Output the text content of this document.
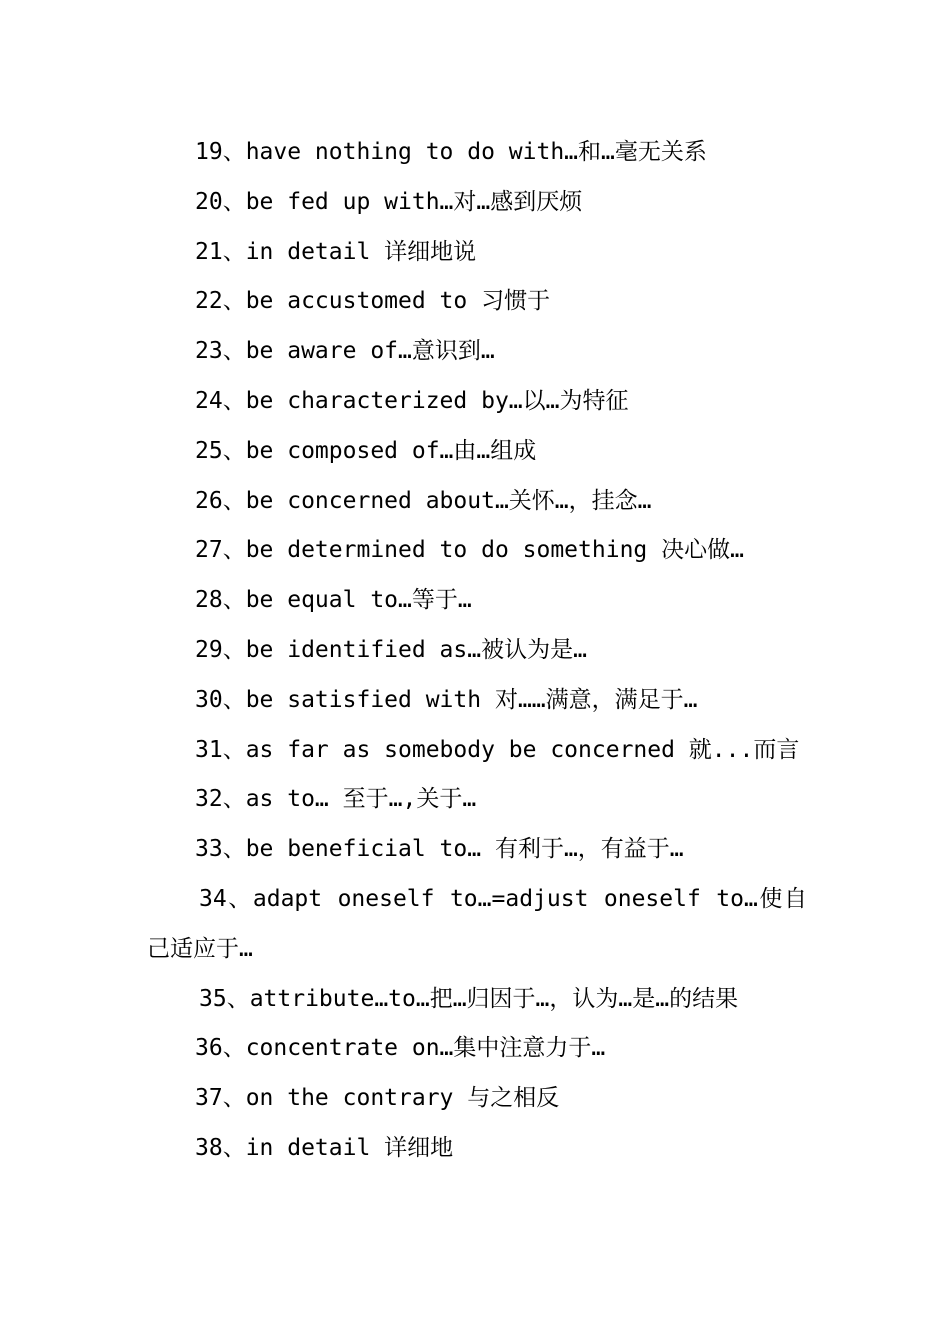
19、have nothing to do with…和…毫无关系
20、be fed up with…对…感到厌烦
21、in detail 详细地说
22、be accustomed to 习惯于
23、be aware of…意识到…
24、be characterized by…以…为特征
25、be composed of…由…组成
26、be concerned about…关怀…，挂念…
27、be determined to do something 决心做…
28、be equal to…等于…
29、be identified as…被认为是…
30、be satisfied with 对……满意，满足于…
31、as far as somebody be concerned 就...而言
32、as to… 至于…,关于…
33、be beneficial to… 有利于…，有益于…
34、adapt oneself to…=adjust oneself to…使自己适应于…
35、attribute…to…把…归因于…，认为…是…的结果
36、concentrate on…集中注意力于…
37、on the contrary 与之相反
38、in detail 详细地
